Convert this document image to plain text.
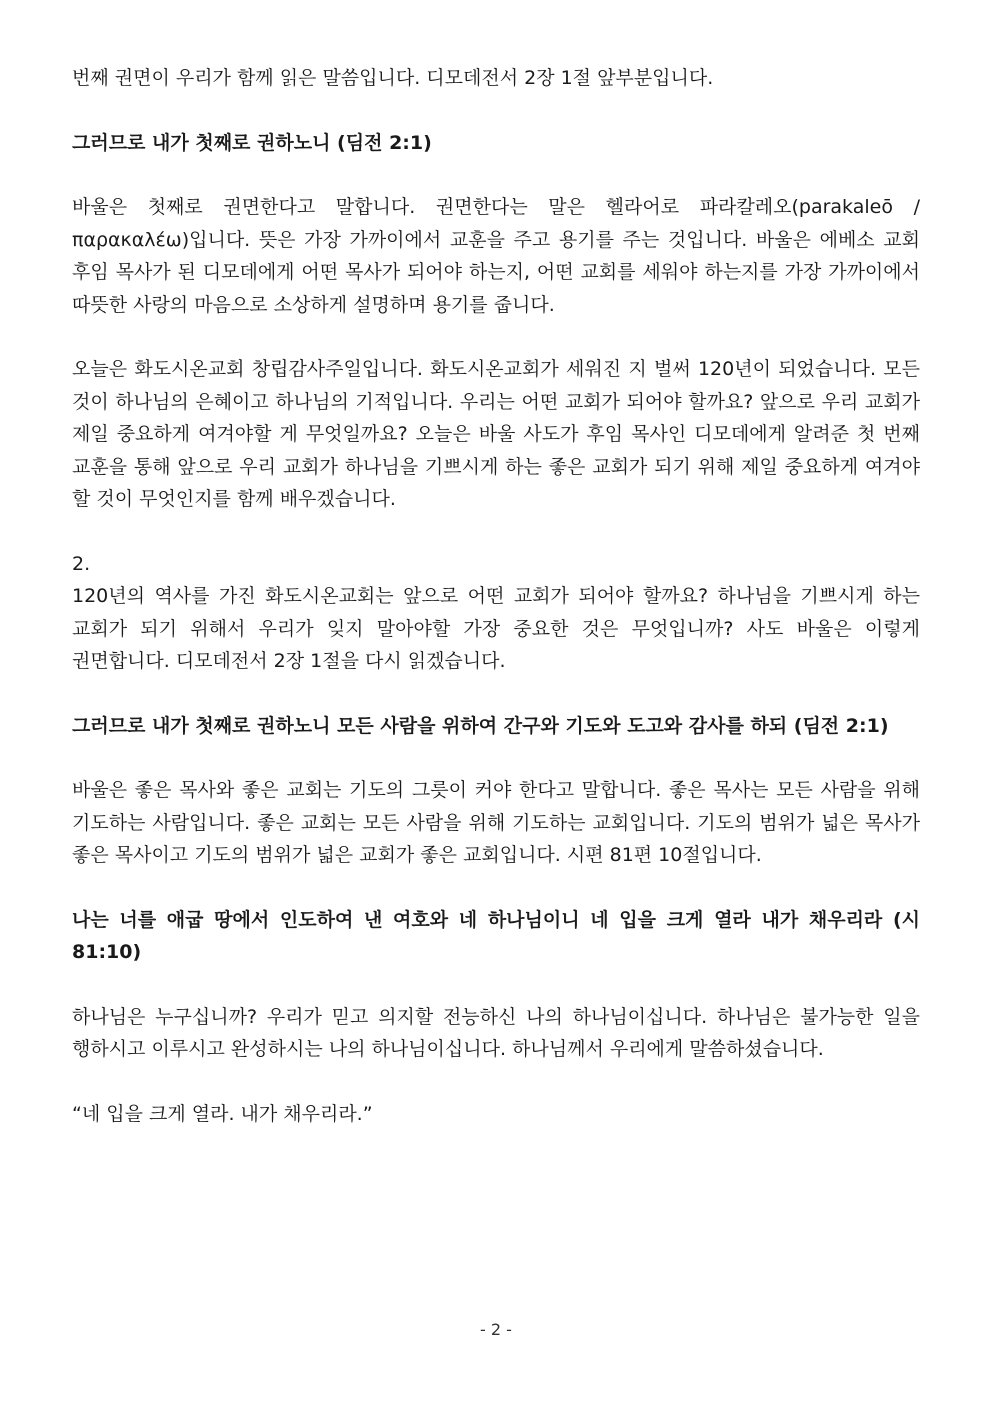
번째 권면이 우리가 함께 읽은 말씀입니다. 디모데전서 2장 1절 앞부분입니다.

그러므로 내가 첫째로 권하노니 (딤전 2:1)

바울은 첫째로 권면한다고 말합니다. 권면한다는 말은 헬라어로 파라칼레오(parakaleō / παρακαλέω)입니다. 뜻은 가장 가까이에서 교훈을 주고 용기를 주는 것입니다. 바울은 에베소 교회 후임 목사가 된 디모데에게 어떤 목사가 되어야 하는지, 어떤 교회를 세워야 하는지를 가장 가까이에서 따뜻한 사랑의 마음으로 소상하게 설명하며 용기를 줍니다.

오늘은 화도시온교회 창립감사주일입니다. 화도시온교회가 세워진 지 벌써 120년이 되었습니다. 모든 것이 하나님의 은혜이고 하나님의 기적입니다. 우리는 어떤 교회가 되어야 할까요? 앞으로 우리 교회가 제일 중요하게 여겨야할 게 무엇일까요? 오늘은 바울 사도가 후임 목사인 디모데에게 알려준 첫 번째 교훈을 통해 앞으로 우리 교회가 하나님을 기쁘시게 하는 좋은 교회가 되기 위해 제일 중요하게 여겨야 할 것이 무엇인지를 함께 배우겠습니다.

2.

120년의 역사를 가진 화도시온교회는 앞으로 어떤 교회가 되어야 할까요? 하나님을 기쁘시게 하는 교회가 되기 위해서 우리가 잊지 말아야할 가장 중요한 것은 무엇입니까? 사도 바울은 이렇게 권면합니다. 디모데전서 2장 1절을 다시 읽겠습니다.

그러므로 내가 첫째로 권하노니 모든 사람을 위하여 간구와 기도와 도고와 감사를 하되 (딤전 2:1)

바울은 좋은 목사와 좋은 교회는 기도의 그릇이 커야 한다고 말합니다. 좋은 목사는 모든 사람을 위해 기도하는 사람입니다. 좋은 교회는 모든 사람을 위해 기도하는 교회입니다. 기도의 범위가 넓은 목사가 좋은 목사이고 기도의 범위가 넓은 교회가 좋은 교회입니다. 시편 81편 10절입니다.

나는 너를 애굽 땅에서 인도하여 낸 여호와 네 하나님이니 네 입을 크게 열라 내가 채우리라 (시 81:10)

하나님은 누구십니까? 우리가 믿고 의지할 전능하신 나의 하나님이십니다. 하나님은 불가능한 일을 행하시고 이루시고 완성하시는 나의 하나님이십니다. 하나님께서 우리에게 말씀하셨습니다.

“네 입을 크게 열라. 내가 채우리라.”

- 2 -
